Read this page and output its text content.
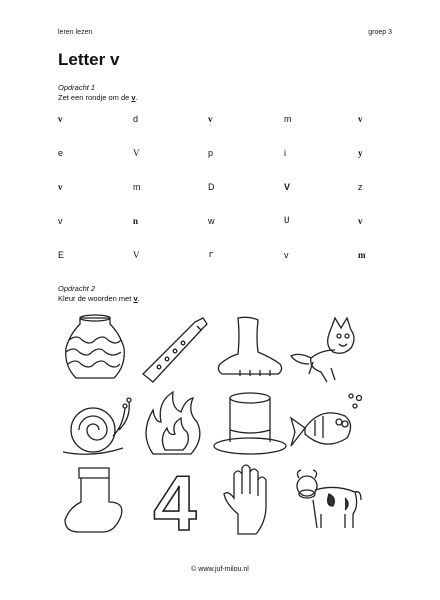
leren lezen	groep 3
Letter v
Opdracht 1
Zet een rondje om de v.
v	d	v	m	v
e	V	p	i	y
v	m	D	V	z
v	n	w	U	v
E	V	r	v	m
Opdracht 2
Kleur de woorden met v.
4
© www.juf-milou.nl
